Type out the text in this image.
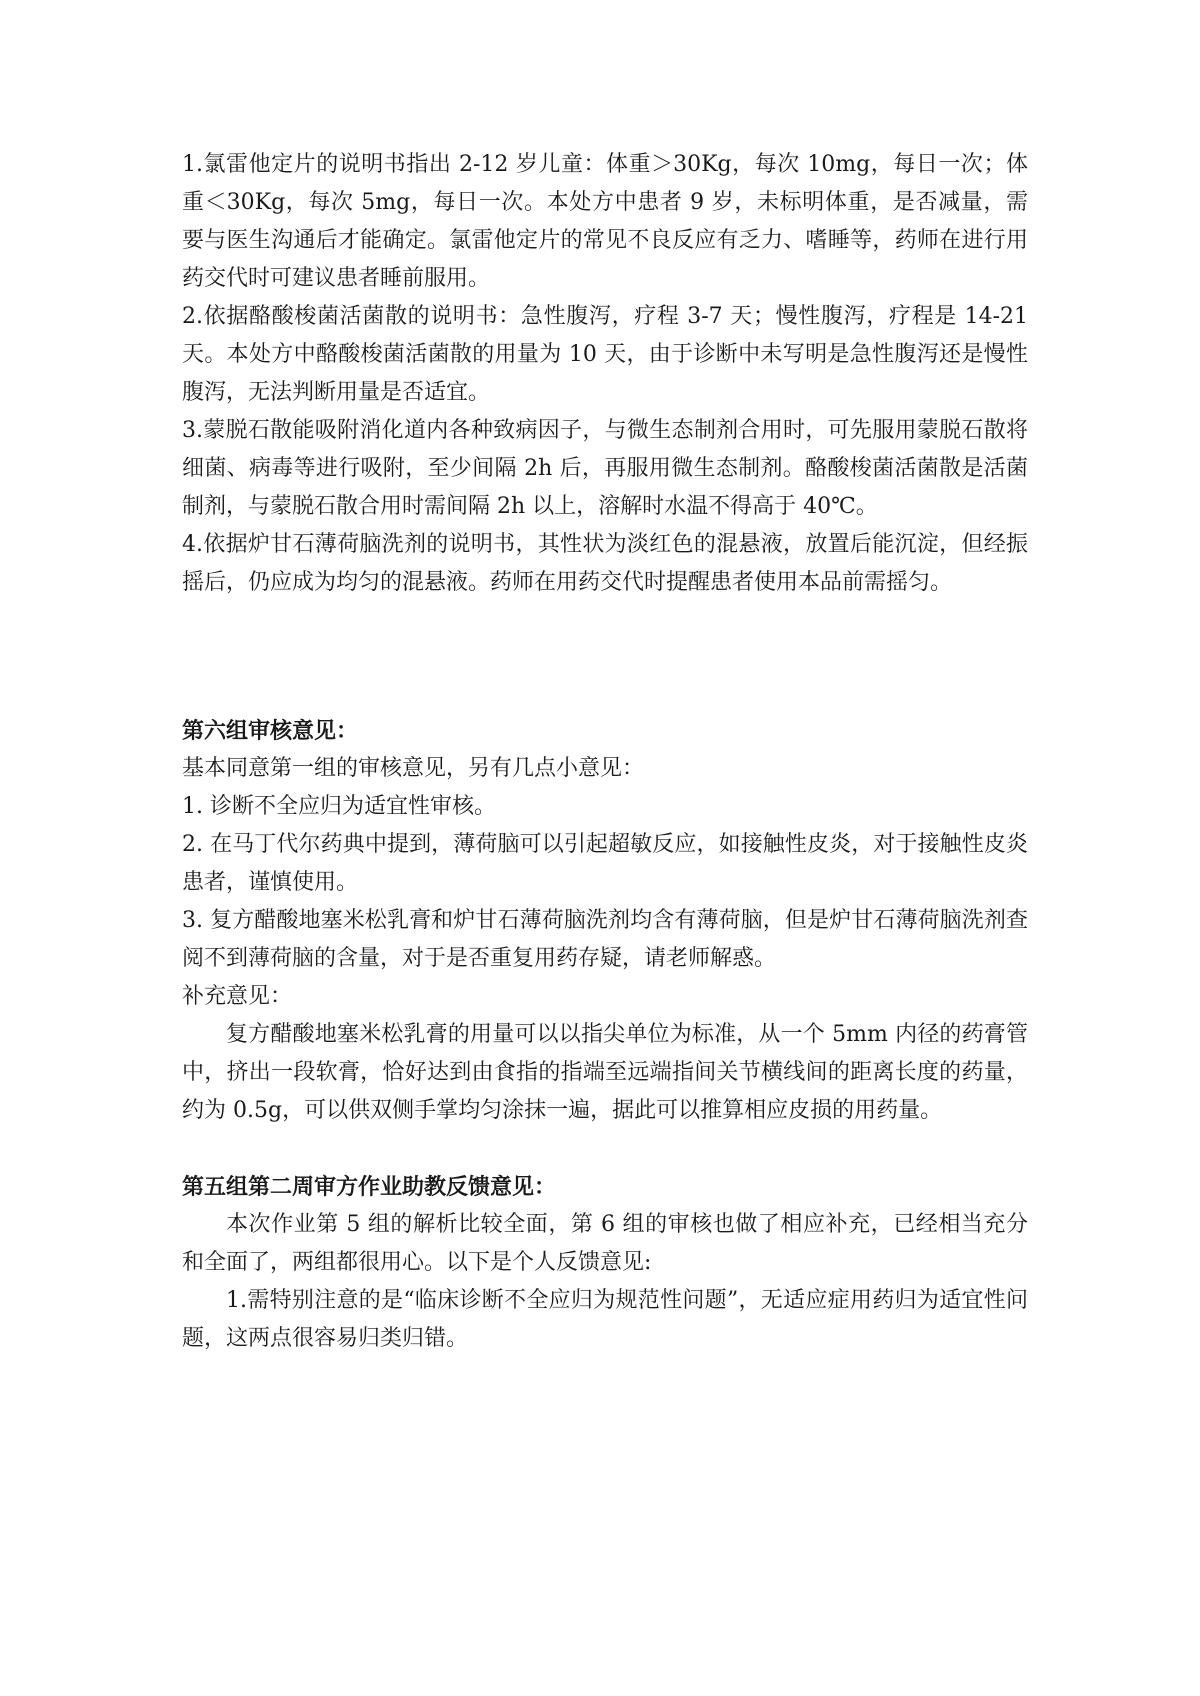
1.氯雷他定片的说明书指出 2-12 岁儿童：体重＞30Kg，每次 10mg，每日一次；体重＜30Kg，每次 5mg，每日一次。本处方中患者 9 岁，未标明体重，是否减量，需要与医生沟通后才能确定。氯雷他定片的常见不良反应有乏力、嗜睡等，药师在进行用药交代时可建议患者睡前服用。

2.依据酪酸梭菌活菌散的说明书：急性腹泻，疗程 3-7 天；慢性腹泻，疗程是 14-21 天。本处方中酪酸梭菌活菌散的用量为 10 天，由于诊断中未写明是急性腹泻还是慢性腹泻，无法判断用量是否适宜。

3.蒙脱石散能吸附消化道内各种致病因子，与微生态制剂合用时，可先服用蒙脱石散将细菌、病毒等进行吸附，至少间隔 2h 后，再服用微生态制剂。酪酸梭菌活菌散是活菌制剂，与蒙脱石散合用时需间隔 2h 以上，溶解时水温不得高于 40℃。

4.依据炉甘石薄荷脑洗剂的说明书，其性状为淡红色的混悬液，放置后能沉淀，但经振摇后，仍应成为均匀的混悬液。药师在用药交代时提醒患者使用本品前需摇匀。

第六组审核意见：

基本同意第一组的审核意见，另有几点小意见：

1. 诊断不全应归为适宜性审核。

2. 在马丁代尔药典中提到，薄荷脑可以引起超敏反应，如接触性皮炎，对于接触性皮炎患者，谨慎使用。

3. 复方醋酸地塞米松乳膏和炉甘石薄荷脑洗剂均含有薄荷脑，但是炉甘石薄荷脑洗剂查阅不到薄荷脑的含量，对于是否重复用药存疑，请老师解惑。

补充意见：

复方醋酸地塞米松乳膏的用量可以以指尖单位为标准，从一个 5mm 内径的药膏管中，挤出一段软膏，恰好达到由食指的指端至远端指间关节横线间的距离长度的药量，约为 0.5g，可以供双侧手掌均匀涂抹一遍，据此可以推算相应皮损的用药量。

第五组第二周审方作业助教反馈意见：

本次作业第 5 组的解析比较全面，第 6 组的审核也做了相应补充，已经相当充分和全面了，两组都很用心。以下是个人反馈意见:

1.需特别注意的是“临床诊断不全应归为规范性问题”，无适应症用药归为适宜性问题，这两点很容易归类归错。
